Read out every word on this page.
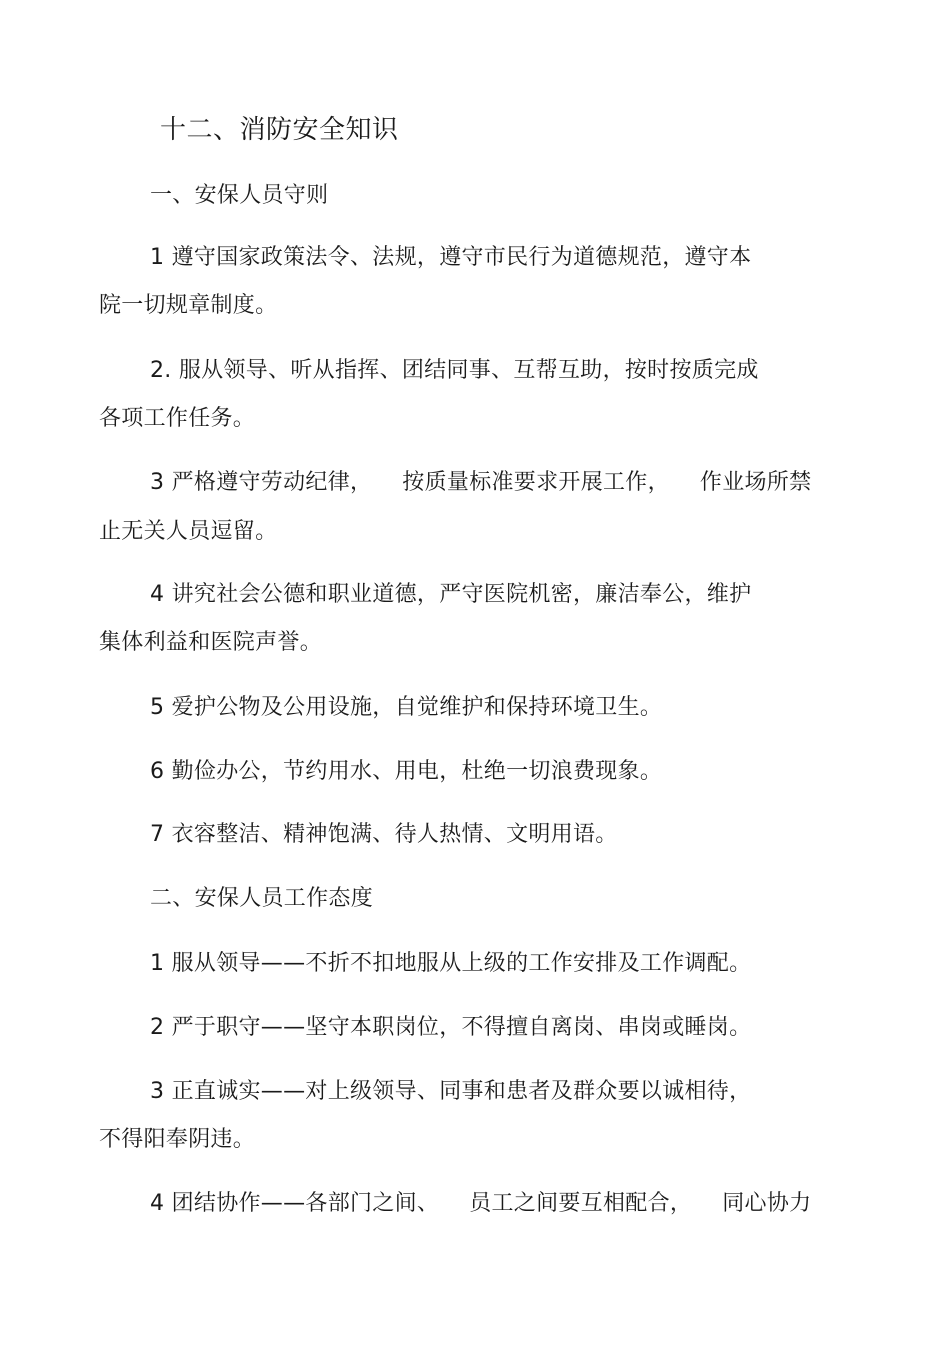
十二、消防安全知识
一、安保人员守则
1 遵守国家政策法令、法规，遵守市民行为道德规范，遵守本
院一切规章制度。
2. 服从领导、听从指挥、团结同事、互帮互助，按时按质完成
各项工作任务。
3 严格遵守劳动纪律， 按质量标准要求开展工作， 作业场所禁
止无关人员逗留。
4 讲究社会公德和职业道德，严守医院机密，廉洁奉公，维护
集体利益和医院声誉。
5 爱护公物及公用设施，自觉维护和保持环境卫生。
6 勤俭办公，节约用水、用电，杜绝一切浪费现象。
7 衣容整洁、精神饱满、待人热情、文明用语。
二、安保人员工作态度
1 服从领导——不折不扣地服从上级的工作安排及工作调配。
2 严于职守——坚守本职岗位，不得擅自离岗、串岗或睡岗。
3 正直诚实——对上级领导、同事和患者及群众要以诚相待，
不得阳奉阴违。
4 团结协作——各部门之间、 员工之间要互相配合， 同心协力
